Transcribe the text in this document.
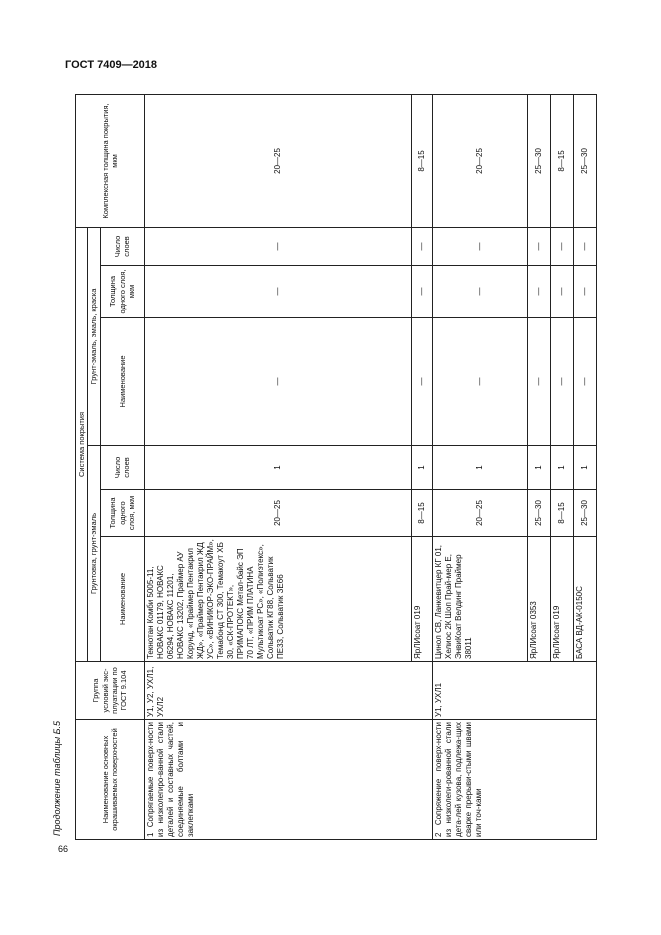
ГОСТ 7409—2018
66
Продолжение таблицы Б.5	Наименование основных окрашиваемых поверхностей	Группа условий экс-плуатации по ГОСТ 9.104	Система покрытия						Комплексная толщина покрытия, мкм
		Грунтовка, грунт-эмаль			Грунт-эмаль, эмаль, краска			
		Наименование	Толщина одного слоя, мкм	Число слоев	Наименование	Толщина одного слоя, мкм	Число слоев	
1 Сопрягаемые поверх-ности из низколегиро-ванной стали деталей и составных частей, соединяемые болтами и заклепками	У1, У2, УХЛ1, УХЛ2	Текнотан Комби 5005-11, НОВАКС 01179, НОВАКС 06294, НОВАКС 11201, НОВАКС 13202, Праймер АУ Корунд, «Праймер Пентакрил ЖД», «Праймер Пентакрил ЖД УС», «ВИНИКОР-ЭКО-ПРАЙМ», Темабонд СТ 300, Темакоут ХБ 30, «СК-ПРОТЕКТ», ПРИМАПОКС Метал-байс ЭП 70 ЛТ, «ПРИМ ПЛАТИНА Мультикоат РС», «Полиэтекс», Сольватик КГ88, Сольватик ПЕ33, Сольватик ЗЕ66	20—25	1	—	—	—	20—25
		ЯрЛИсоат 019	8—15	1	—	—	—	8—15
2 Сопряжение поверх-ности из низколеги-рованной стали дета-лей кузова, подлежа-щих сварке прерыви-стыми швами или точ-ками	У1, УХЛ1	Цинол СВ, Ланкевитцер КГ 01, Хелиос 2К Шоп Прай-мер Е, ЭнвиКоат Велдинг Праймер 38011	20—25	1	—	—	—	20—25
		ЯрЛИсоат 0353	25—30	1	—	—	—	25—30
		ЯрЛИсоат 019	8—15	1	—	—	—	8—15
		БАСА ВД-АК-0150С	25—30	1	—	—	—	25—30
